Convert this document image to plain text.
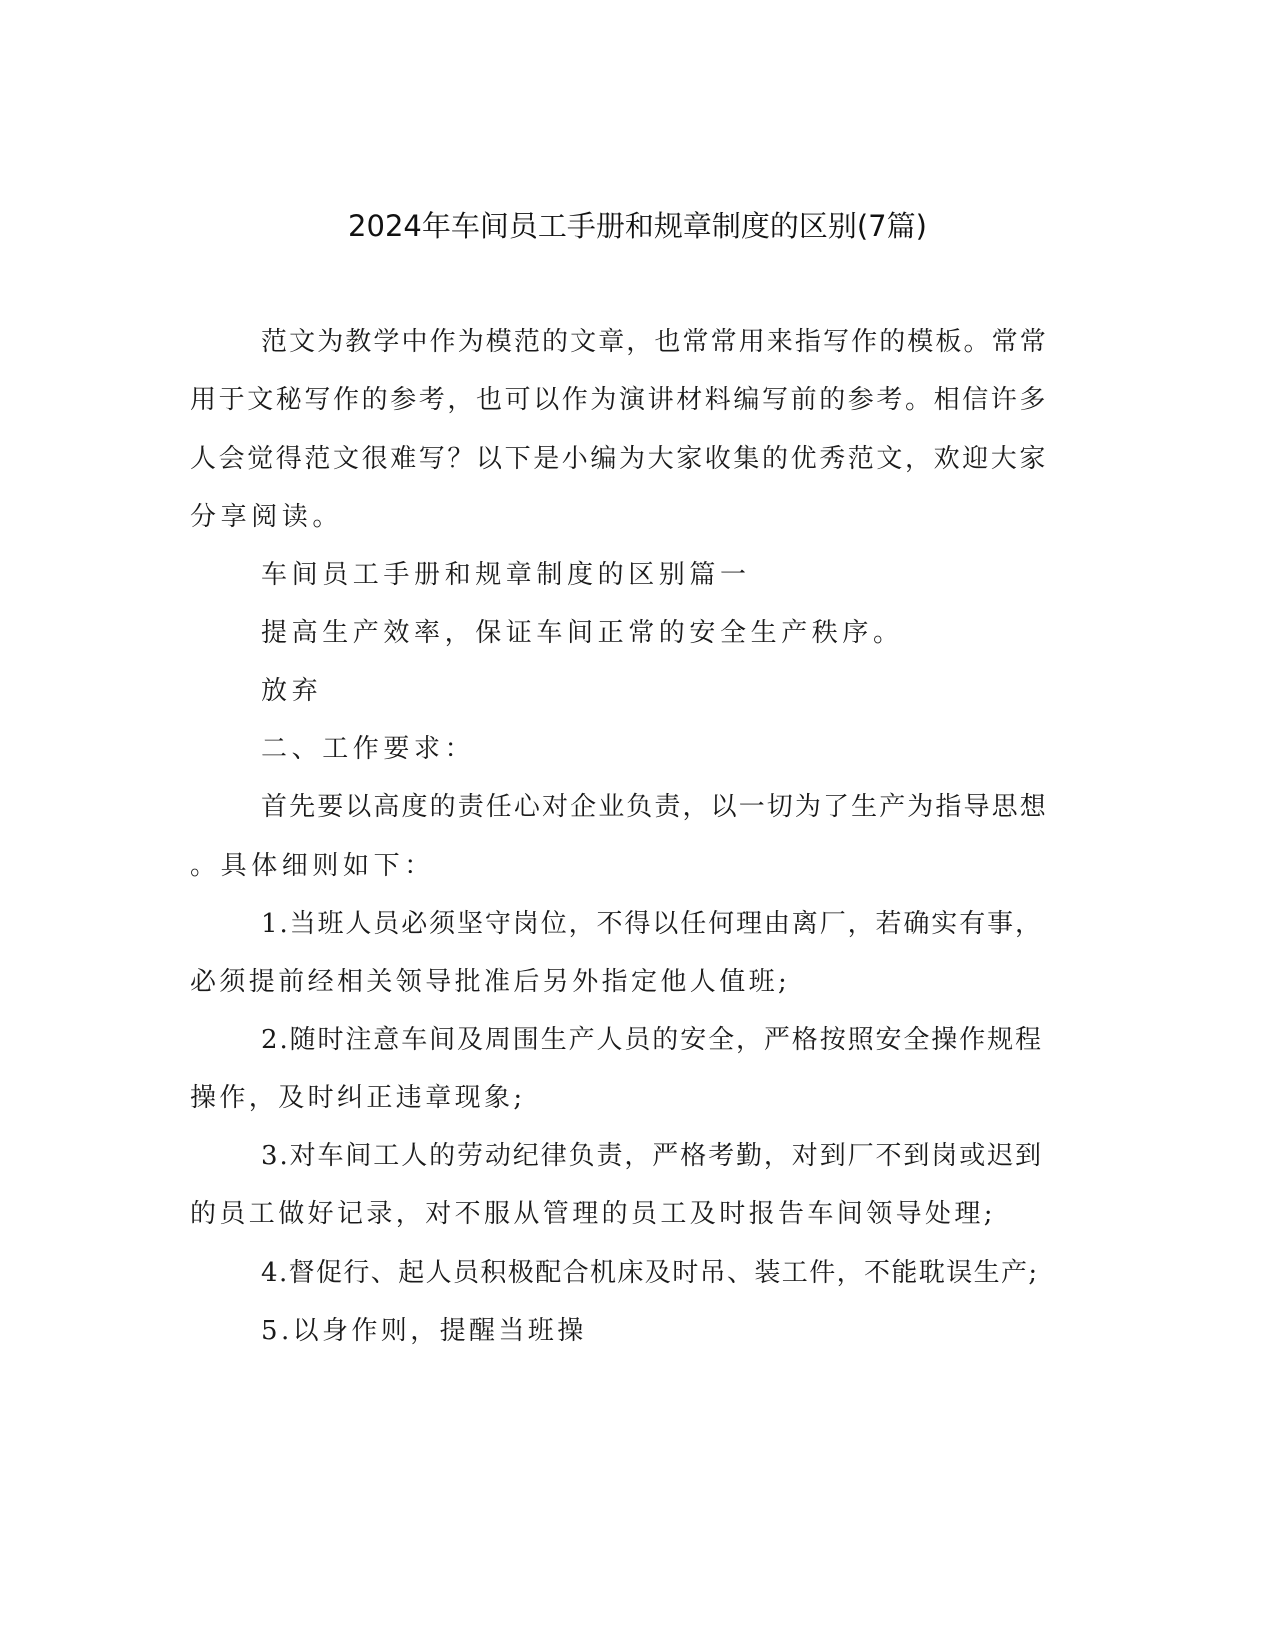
2024年车间员工手册和规章制度的区别(7篇)
范文为教学中作为模范的文章，也常常用来指写作的模板。常常
用于文秘写作的参考，也可以作为演讲材料编写前的参考。相信许多
人会觉得范文很难写？以下是小编为大家收集的优秀范文，欢迎大家
分享阅读。
车间员工手册和规章制度的区别篇一
提高生产效率，保证车间正常的安全生产秩序。
放弃
二、工作要求：
首先要以高度的责任心对企业负责，以一切为了生产为指导思想
。具体细则如下：
1.当班人员必须坚守岗位，不得以任何理由离厂，若确实有事，
必须提前经相关领导批准后另外指定他人值班;
2.随时注意车间及周围生产人员的安全，严格按照安全操作规程
操作，及时纠正违章现象;
3.对车间工人的劳动纪律负责，严格考勤，对到厂不到岗或迟到
的员工做好记录，对不服从管理的员工及时报告车间领导处理;
4.督促行、起人员积极配合机床及时吊、装工件，不能耽误生产;
5.以身作则，提醒当班操
